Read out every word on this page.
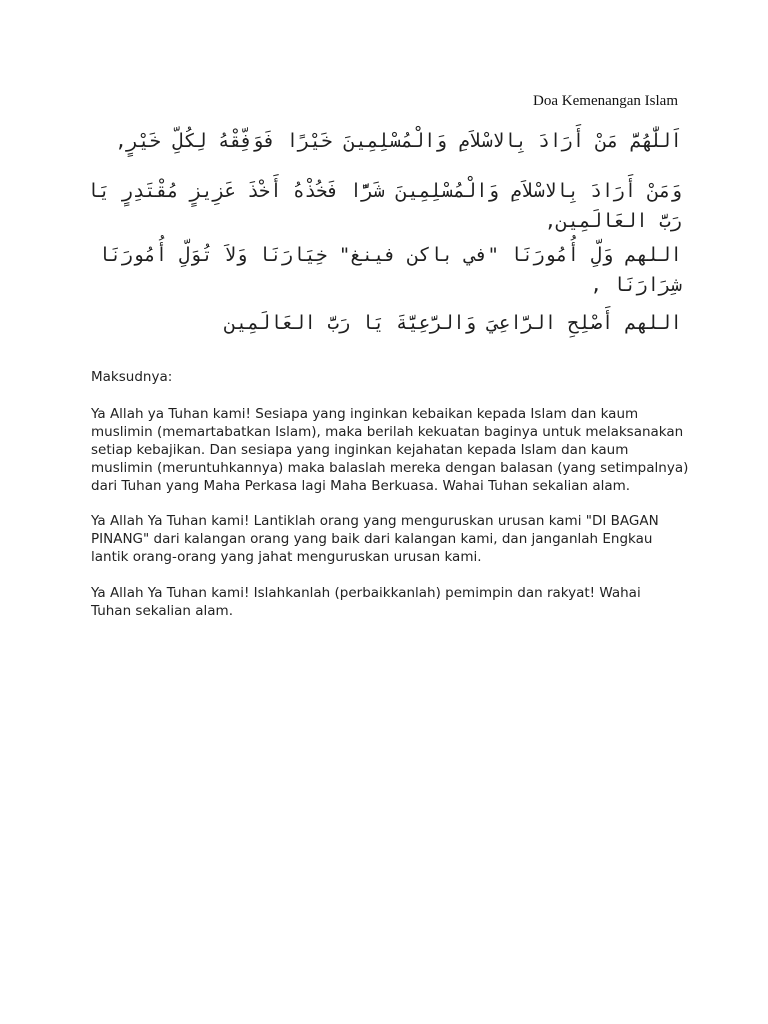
Doa Kemenangan Islam
اَللّٰهُمَّ مَنْ أَرَادَ بِالاسْلاَمِ وَالْمُسْلِمِينَ خَيْرًا فَوَفِّقْهُ لِكُلِّ خَيْرٍ,
وَمَنْ أَرَادَ بِالاسْلاَمِ وَالْمُسْلِمِينَ شَرًّا فَخُذْهُ أَخْذَ عَزِيزٍ مُقْتَدِرٍ يَا رَبَّ العَالَمِين,
اللهم وَلِّ أُمُورَنَا "في باكن فينغ" خِيَارَنَا وَلاَ تُوَلِّ أُمُورَنَا شِرَارَنَا ,
اللهم أَصْلِحِ الرَّاعِيَ وَالرَّعِيَّةَ يَا رَبَّ العَالَمِين

Maksudnya:

Ya Allah ya Tuhan kami! Sesiapa yang inginkan kebaikan kepada Islam dan kaum

muslimin (memartabatkan Islam), maka berilah kekuatan baginya untuk melaksanakan

setiap kebajikan. Dan sesiapa yang inginkan kejahatan kepada Islam dan kaum

muslimin (meruntuhkannya) maka balaslah mereka dengan balasan (yang setimpalnya)

dari Tuhan yang Maha Perkasa lagi Maha Berkuasa. Wahai Tuhan sekalian alam.

Ya Allah Ya Tuhan kami! Lantiklah orang yang menguruskan urusan kami "DI BAGAN

PINANG" dari kalangan orang yang baik dari kalangan kami, dan janganlah Engkau

lantik orang-orang yang jahat menguruskan urusan kami.

Ya Allah Ya Tuhan kami! Islahkanlah (perbaikkanlah) pemimpin dan rakyat! Wahai

Tuhan sekalian alam.
